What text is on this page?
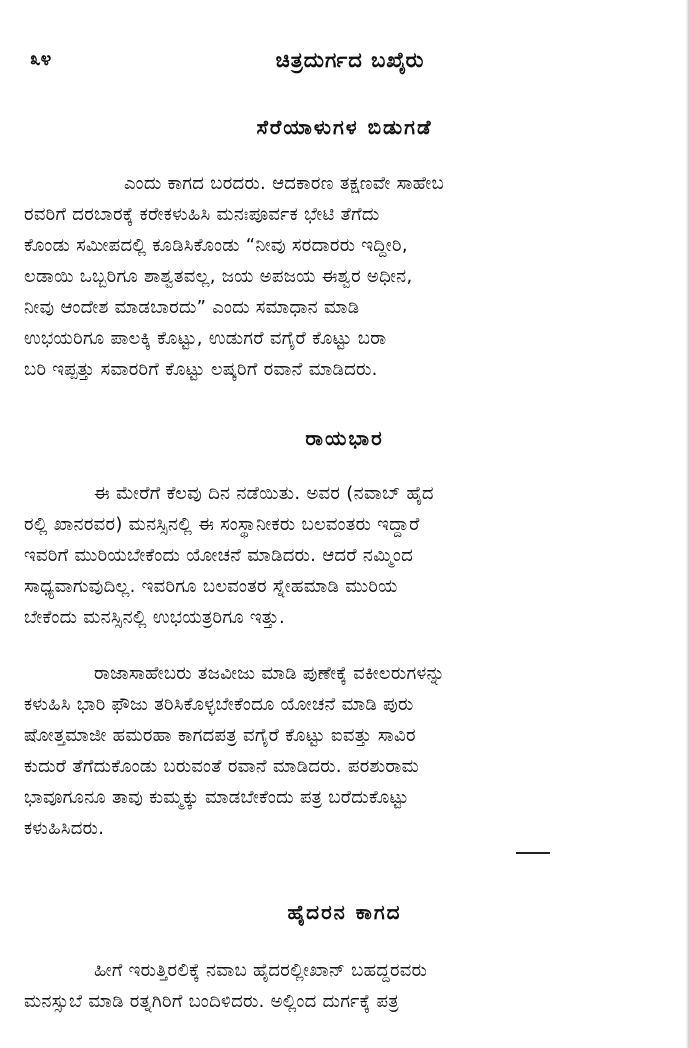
೩೪	ಚಿತ್ರದುರ್ಗದ ಬಖೈರು
ಸೆರೆಯಾಳುಗಳ ಬಿಡುಗಡೆ
ಎಂದು ಕಾಗದ ಬರದರು. ಆದಕಾರಣ ತಕ್ಷಣವೇ ಸಾಹೇಬ
ರವರಿಗೆ ದರಬಾರಕ್ಕೆ ಕರೇಕಳುಹಿಸಿ ಮನಃಪೂರ್ವಕ ಭೇಟಿ ತೆಗೆದು
ಕೊಂಡು ಸಮೀಪದಲ್ಲಿ ಕೂಡಿಸಿಕೊಂಡು “ನೀವು ಸರದಾರರು ಇದ್ದೀರಿ,
ಲಡಾಯಿ ಒಬ್ಬರಿಗೂ ಶಾಶ್ವತವಲ್ಲ, ಜಯ ಅಪಜಯ ಈಶ್ವರ ಅಧೀನ,
ನೀವು ಆಂದೇಶ ಮಾಡಬಾರದು” ಎಂದು ಸಮಾಧಾನ ಮಾಡಿ
ಉಭಯರಿಗೂ ಪಾಲಕ್ಕಿ ಕೊಟ್ಟು, ಉಡುಗರೆ ವಗೈರೆ ಕೊಟ್ಟು ಬರಾ
ಬರಿ ಇಪ್ಪತ್ತು ಸವಾರರಿಗೆ ಕೊಟ್ಟು ಲಷ್ಕರಿಗೆ ರವಾನೆ ಮಾಡಿದರು.
ರಾಯಭಾರ
ಈ ಮೇರೆಗೆ ಕೆಲವು ದಿನ ನಡೆಯಿತು. ಅವರ (ನವಾಬ್ ಹೈದ
ರಲ್ಲಿ ಖಾನರವರ) ಮನಸ್ಸಿನಲ್ಲಿ ಈ ಸಂಸ್ಥಾನೀಕರು ಬಲವಂತರು ಇದ್ದಾರೆ
ಇವರಿಗೆ ಮುರಿಯಬೇಕೆಂದು ಯೋಚನೆ ಮಾಡಿದರು. ಆದರೆ ನಮ್ಮಿಂದ
ಸಾಧ್ಯವಾಗುವುದಿಲ್ಲ. ಇವರಿಗೂ ಬಲವಂತರ ಸ್ನೇಹಮಾಡಿ ಮುರಿಯ
ಬೇಕೆಂದು ಮನಸ್ಸಿನಲ್ಲಿ ಉಭಯತ್ರರಿಗೂ ಇತ್ತು.
ರಾಜಾಸಾಹೇಬರು ತಜವೀಜು ಮಾಡಿ ಪುಣೇಕ್ಕೆ ವಕೀಲರುಗಳನ್ನು
ಕಳುಹಿಸಿ ಭಾರಿ ಫೌಜು ತರಿಸಿಕೊಳ್ಳಬೇಕೆಂದೂ ಯೋಚನೆ ಮಾಡಿ ಪುರು
ಷೋತ್ತಮಾಜೀ ಹಮರಹಾ ಕಾಗದಪತ್ರ ವಗೈರೆ ಕೊಟ್ಟು ಐವತ್ತು ಸಾವಿರ
ಕುದುರೆ ತೆಗೆದುಕೊಂಡು ಬರುವಂತೆ ರವಾನೆ ಮಾಡಿದರು. ಪರಶುರಾಮ
ಭಾವೂಗೂನೂ ತಾವು ಕುಮ್ಮಕ್ಕು ಮಾಡಬೇಕೆಂದು ಪತ್ರ ಬರೆದುಕೊಟ್ಟು
ಕಳುಹಿಸಿದರು.
ಹೈದರನ ಕಾಗದ
ಹೀಗೆ ಇರುತ್ತಿರಲಿಕ್ಕೆ ನವಾಬ ಹೈದರಲ್ಲೀಖಾನ್ ಬಹದ್ದರವರು
ಮನಸ್ಸುಬೆ ಮಾಡಿ ರತ್ನಗಿರಿಗೆ ಬಂದಿಳಿದರು. ಅಲ್ಲಿಂದ ದುರ್ಗಕ್ಕೆ ಪತ್ರ
